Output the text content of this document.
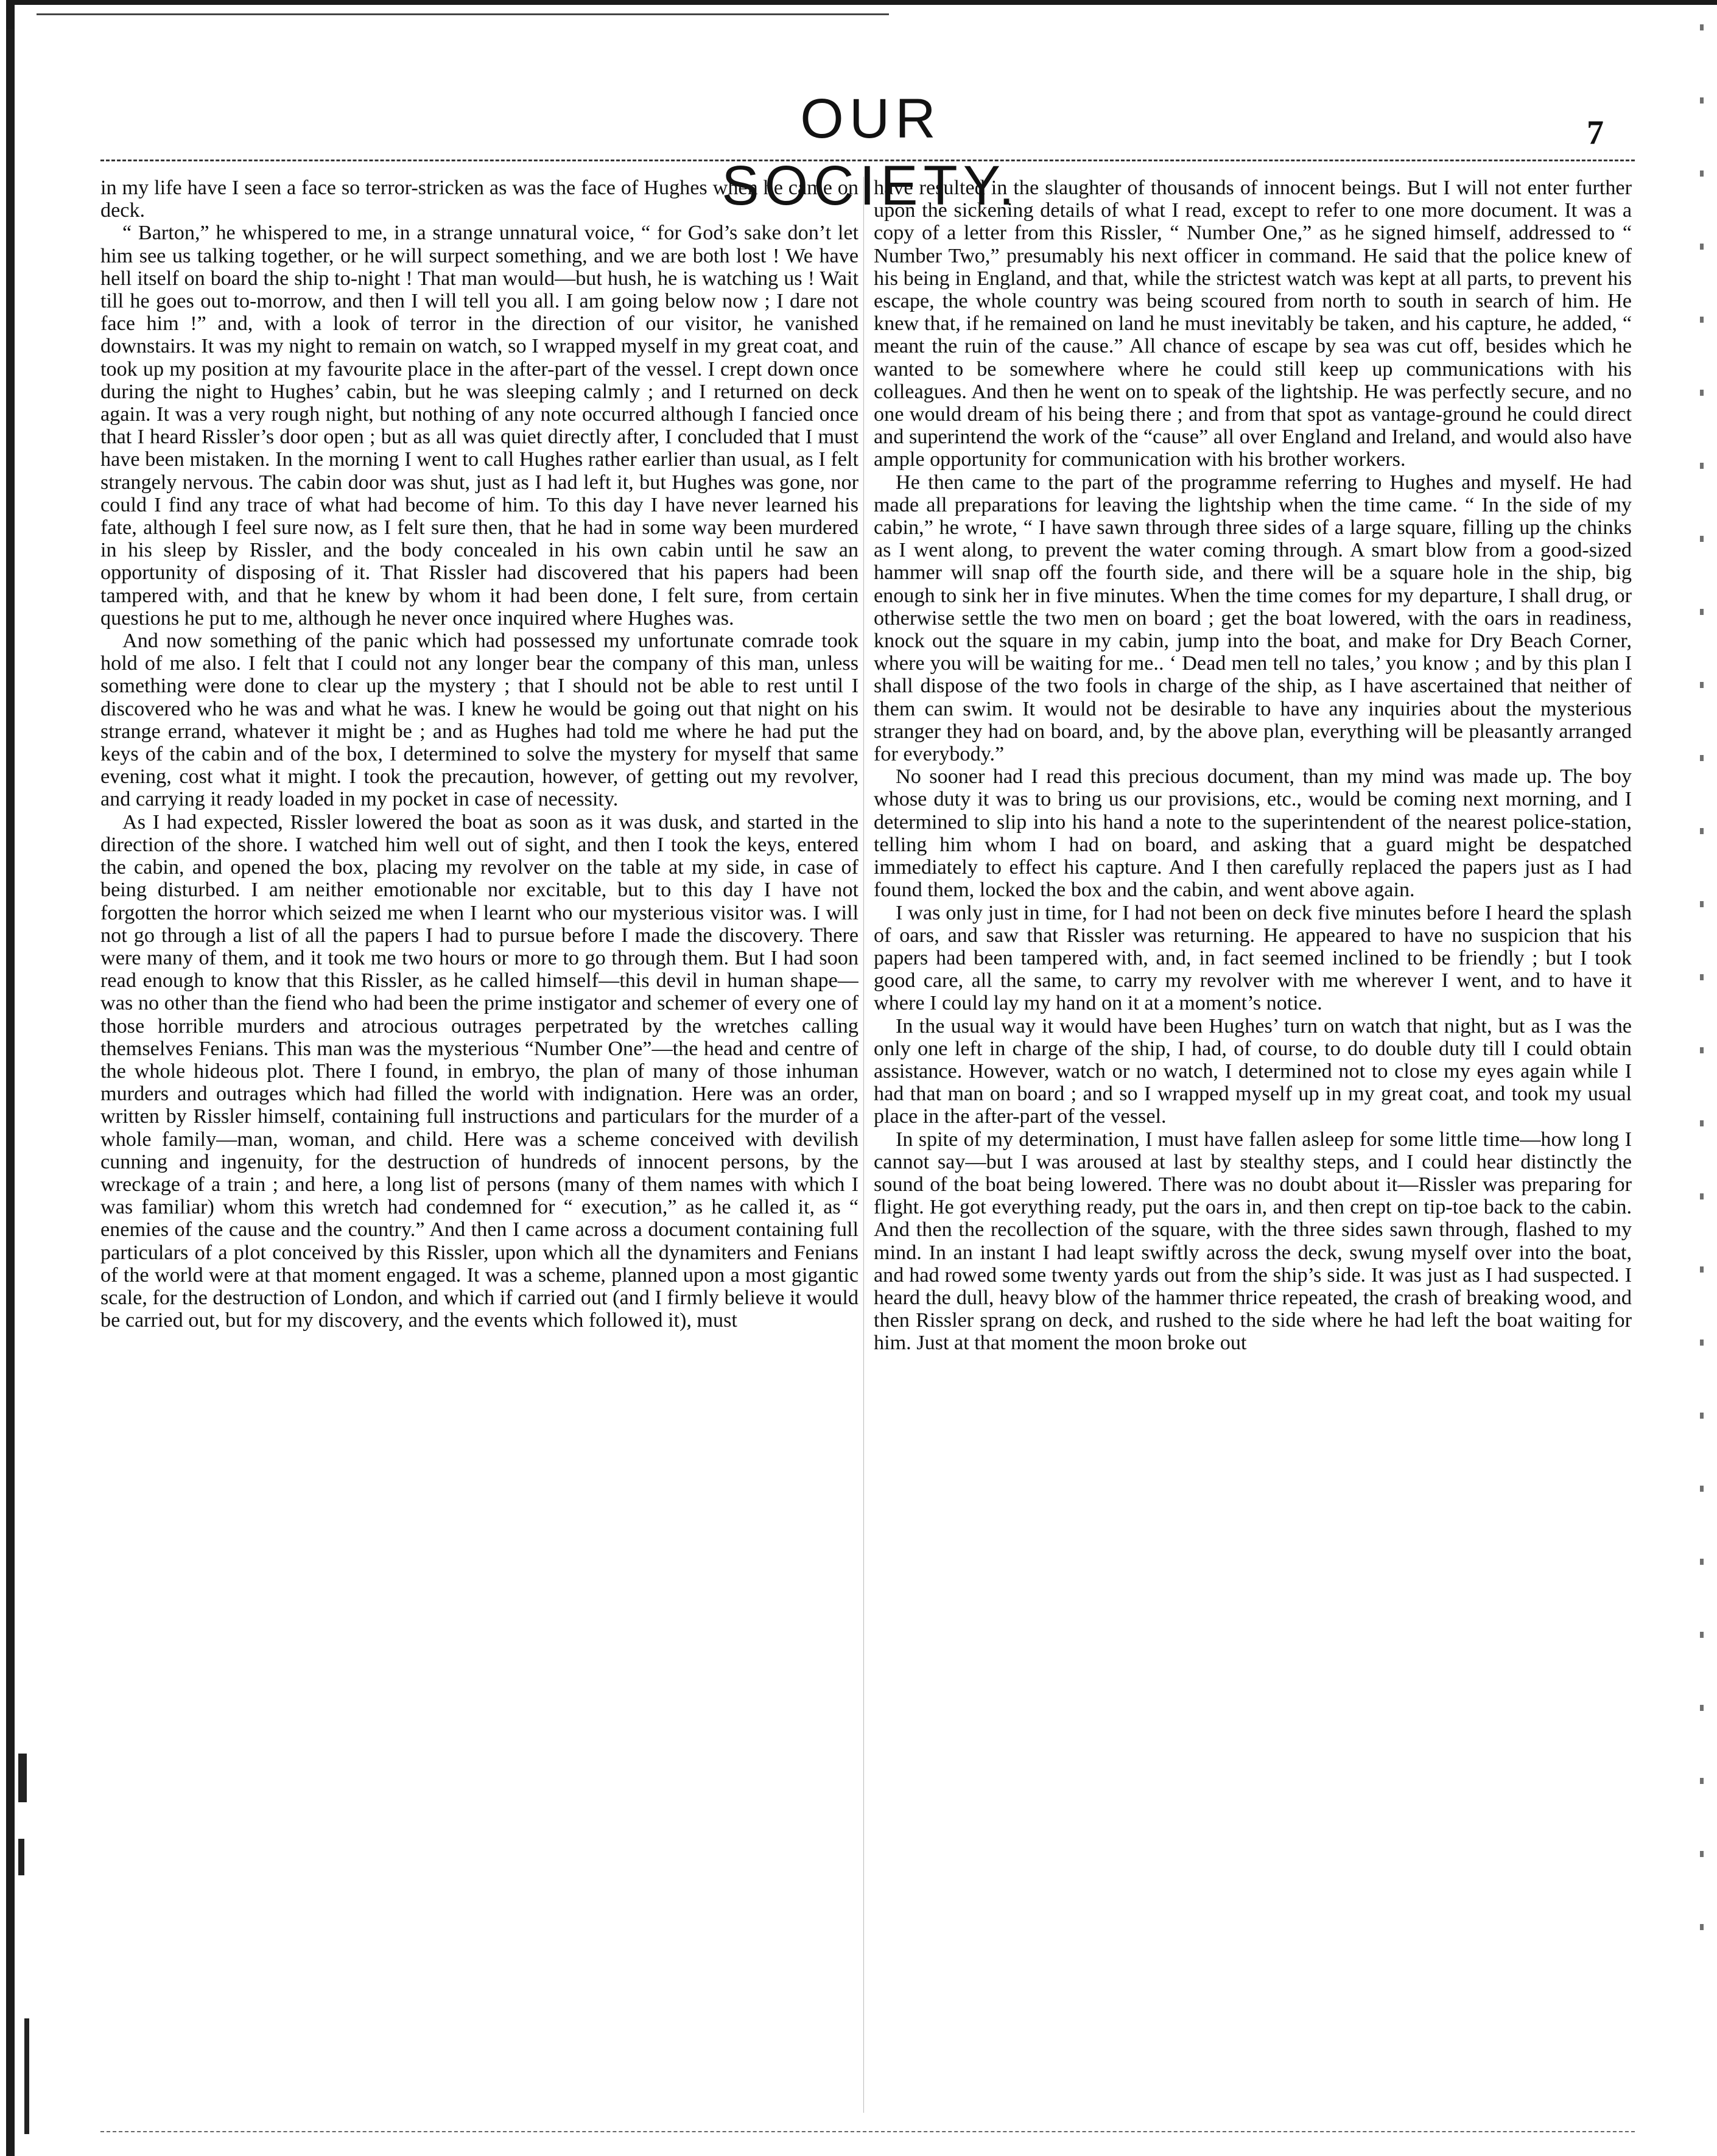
OUR SOCIETY.
7

in my life have I seen a face so terror-stricken as was the face of Hughes when he came on deck.

“ Barton,” he whispered to me, in a strange unnatural voice, “ for God’s sake don’t let him see us talking together, or he will surpect something, and we are both lost ! We have hell itself on board the ship to-night ! That man would—but hush, he is watching us ! Wait till he goes out to-morrow, and then I will tell you all. I am going below now ; I dare not face him !” and, with a look of terror in the direction of our visitor, he vanished downstairs. It was my night to remain on watch, so I wrapped myself in my great coat, and took up my position at my favourite place in the after-part of the vessel. I crept down once during the night to Hughes’ cabin, but he was sleeping calmly ; and I returned on deck again. It was a very rough night, but nothing of any note occurred although I fancied once that I heard Rissler’s door open ; but as all was quiet directly after, I concluded that I must have been mistaken. In the morning I went to call Hughes rather earlier than usual, as I felt strangely nervous. The cabin door was shut, just as I had left it, but Hughes was gone, nor could I find any trace of what had become of him. To this day I have never learned his fate, although I feel sure now, as I felt sure then, that he had in some way been murdered in his sleep by Rissler, and the body concealed in his own cabin until he saw an opportunity of disposing of it. That Rissler had discovered that his papers had been tampered with, and that he knew by whom it had been done, I felt sure, from certain questions he put to me, although he never once inquired where Hughes was.

And now something of the panic which had possessed my unfortunate comrade took hold of me also. I felt that I could not any longer bear the company of this man, unless something were done to clear up the mystery ; that I should not be able to rest until I discovered who he was and what he was. I knew he would be going out that night on his strange errand, whatever it might be ; and as Hughes had told me where he had put the keys of the cabin and of the box, I determined to solve the mystery for myself that same evening, cost what it might. I took the precaution, however, of getting out my revolver, and carrying it ready loaded in my pocket in case of necessity.

As I had expected, Rissler lowered the boat as soon as it was dusk, and started in the direction of the shore. I watched him well out of sight, and then I took the keys, entered the cabin, and opened the box, placing my revolver on the table at my side, in case of being disturbed. I am neither emotionable nor excitable, but to this day I have not forgotten the horror which seized me when I learnt who our mysterious visitor was. I will not go through a list of all the papers I had to pursue before I made the discovery. There were many of them, and it took me two hours or more to go through them. But I had soon read enough to know that this Rissler, as he called himself—this devil in human shape—was no other than the fiend who had been the prime instigator and schemer of every one of those horrible murders and atrocious outrages perpetrated by the wretches calling themselves Fenians. This man was the mysterious “Number One”—the head and centre of the whole hideous plot. There I found, in embryo, the plan of many of those inhuman murders and outrages which had filled the world with indignation. Here was an order, written by Rissler himself, containing full instructions and particulars for the murder of a whole family—man, woman, and child. Here was a scheme conceived with devilish cunning and ingenuity, for the destruction of hundreds of innocent persons, by the wreckage of a train ; and here, a long list of persons (many of them names with which I was familiar) whom this wretch had condemned for “ execution,” as he called it, as “ enemies of the cause and the country.” And then I came across a document containing full particulars of a plot conceived by this Rissler, upon which all the dynamiters and Fenians of the world were at that moment engaged. It was a scheme, planned upon a most gigantic scale, for the destruction of London, and which if carried out (and I firmly believe it would be carried out, but for my discovery, and the events which followed it), must

have resulted in the slaughter of thousands of innocent beings. But I will not enter further upon the sickening details of what I read, except to refer to one more document. It was a copy of a letter from this Rissler, “ Number One,” as he signed himself, addressed to “ Number Two,” presumably his next officer in command. He said that the police knew of his being in England, and that, while the strictest watch was kept at all parts, to prevent his escape, the whole country was being scoured from north to south in search of him. He knew that, if he remained on land he must inevitably be taken, and his capture, he added, “ meant the ruin of the cause.” All chance of escape by sea was cut off, besides which he wanted to be somewhere where he could still keep up communications with his colleagues. And then he went on to speak of the lightship. He was perfectly secure, and no one would dream of his being there ; and from that spot as vantage-ground he could direct and superintend the work of the “cause” all over England and Ireland, and would also have ample opportunity for communication with his brother workers.

He then came to the part of the programme referring to Hughes and myself. He had made all preparations for leaving the lightship when the time came. “ In the side of my cabin,” he wrote, “ I have sawn through three sides of a large square, filling up the chinks as I went along, to prevent the water coming through. A smart blow from a good-sized hammer will snap off the fourth side, and there will be a square hole in the ship, big enough to sink her in five minutes. When the time comes for my departure, I shall drug, or otherwise settle the two men on board ; get the boat lowered, with the oars in readiness, knock out the square in my cabin, jump into the boat, and make for Dry Beach Corner, where you will be waiting for me.. ‘ Dead men tell no tales,’ you know ; and by this plan I shall dispose of the two fools in charge of the ship, as I have ascertained that neither of them can swim. It would not be desirable to have any inquiries about the mysterious stranger they had on board, and, by the above plan, everything will be pleasantly arranged for everybody.”

No sooner had I read this precious document, than my mind was made up. The boy whose duty it was to bring us our provisions, etc., would be coming next morning, and I determined to slip into his hand a note to the superintendent of the nearest police-station, telling him whom I had on board, and asking that a guard might be despatched immediately to effect his capture. And I then carefully replaced the papers just as I had found them, locked the box and the cabin, and went above again.

I was only just in time, for I had not been on deck five minutes before I heard the splash of oars, and saw that Rissler was returning. He appeared to have no suspicion that his papers had been tampered with, and, in fact seemed inclined to be friendly ; but I took good care, all the same, to carry my revolver with me wherever I went, and to have it where I could lay my hand on it at a moment’s notice.

In the usual way it would have been Hughes’ turn on watch that night, but as I was the only one left in charge of the ship, I had, of course, to do double duty till I could obtain assistance. However, watch or no watch, I determined not to close my eyes again while I had that man on board ; and so I wrapped myself up in my great coat, and took my usual place in the after-part of the vessel.

In spite of my determination, I must have fallen asleep for some little time—how long I cannot say—but I was aroused at last by stealthy steps, and I could hear distinctly the sound of the boat being lowered. There was no doubt about it—Rissler was preparing for flight. He got everything ready, put the oars in, and then crept on tip-toe back to the cabin. And then the recollection of the square, with the three sides sawn through, flashed to my mind. In an instant I had leapt swiftly across the deck, swung myself over into the boat, and had rowed some twenty yards out from the ship’s side. It was just as I had suspected. I heard the dull, heavy blow of the hammer thrice repeated, the crash of breaking wood, and then Rissler sprang on deck, and rushed to the side where he had left the boat waiting for him. Just at that moment the moon broke out
